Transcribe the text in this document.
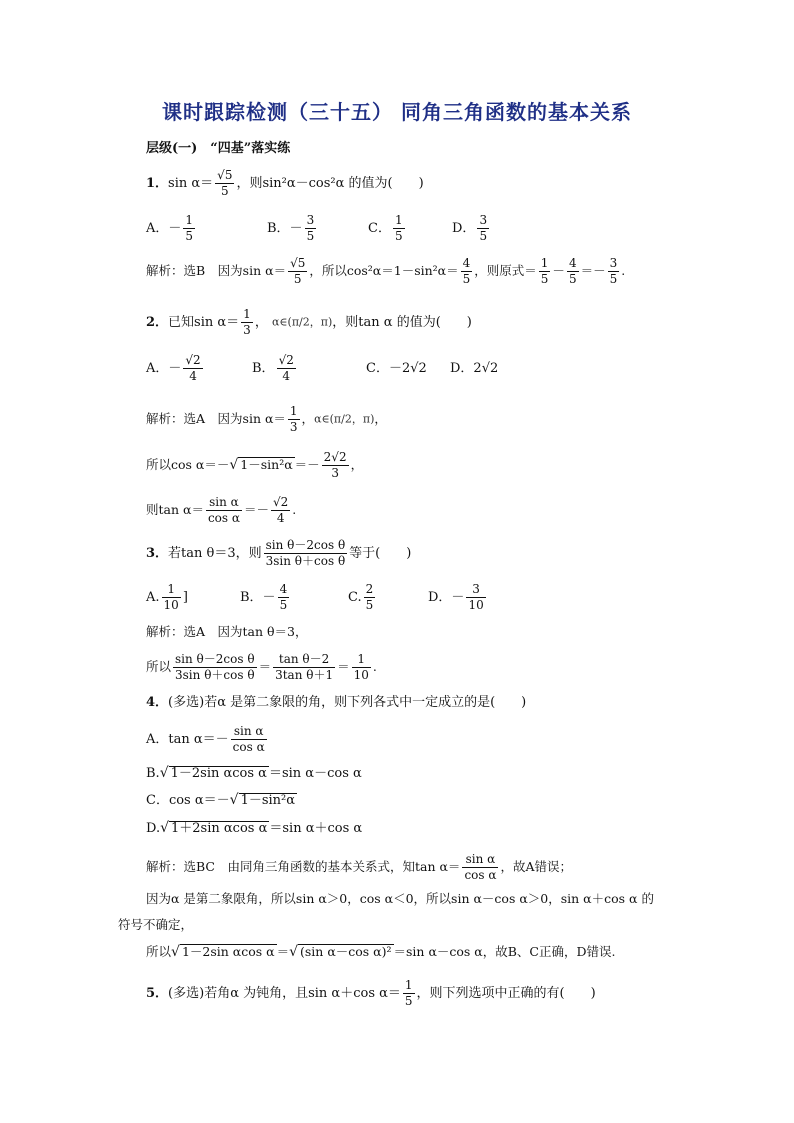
课时跟踪检测（三十五） 同角三角函数的基本关系
层级(一)　“四基”落实练
1．$\sin \alpha= \frac{√5}{5}$ ，则sin²α－cos²α 的值为(　　)
A．－ $\frac{1}{5}$	B．－ $\frac{3}{5}$	C． $\frac{1}{5}$	D． $\frac{3}{5}$
解析：选B　因为$\sin \alpha= \frac{√5}{5}$ ，所以$\cos^2\alpha=1-\sin^2\alpha= \frac{4}{5}$ ，则原式＝ $\frac{1}{5} - \frac{4}{5} =- \frac{3}{5}$ .
2．已知$\sin \alpha= \frac{1}{3}$ ， α∈(π/2，π)，则tan α 的值为(　　)
A．－ $\frac{√2}{4}$	B． $\frac{√2}{4}$	C．－2√2 D．2√2
解析：选A　因为$\sin \alpha= \frac{1}{3}$ ，α∈(π/2，π)，
所以cos α＝－√ $1-\sin^2\alpha =- \frac{2√2}{3}$ ，
则$\tan \alpha= \frac{\text{sin α}}{\text{cos α}} =- \frac{√2}{4}$ .
3．若tan θ＝3，则 $\frac{\text{sin θ－2cos θ}}{\text{3sin θ＋cos θ}}$ 等于(　　)
A. $\frac{1}{10}$ ]	B．－ $\frac{4}{5}$	C. $\frac{2}{5}$	D．－ $\frac{3}{10}$
解析：选A　因为tan θ＝3，
所以 $\frac{\text{sin θ－2cos θ}}{\text{3sin θ＋cos θ}} = \frac{\text{tan θ－2}}{\text{3tan θ＋1}} = \frac{1}{10}$ .
4．(多选)若α 是第二象限的角，则下列各式中一定成立的是(　　)
A．$\tan \alpha=- \frac{\text{sin α}}{\text{cos α}}$
B.√ 1－2sin αcos α ＝sin α－cos α
C．cos α＝－√ 1－sin²α
D.√ 1＋2sin αcos α ＝sin α＋cos α
解析：选BC　由同角三角函数的基本关系式，知$\tan \alpha= \frac{\text{sin α}}{\text{cos α}}$ ，故A错误；
因为α 是第二象限角，所以sin α＞0，cos α＜0，所以sin α－cos α＞0，sin α＋cos α 的
符号不确定，
所以√ 1－2sin αcos α ＝√ (sin α－cos α)² ＝sin α－cos α，故B、C正确，D错误.
5．(多选)若角α 为钝角，且sin α＋cos $\alpha= \frac{1}{5}$ ，则下列选项中正确的有(　　)
